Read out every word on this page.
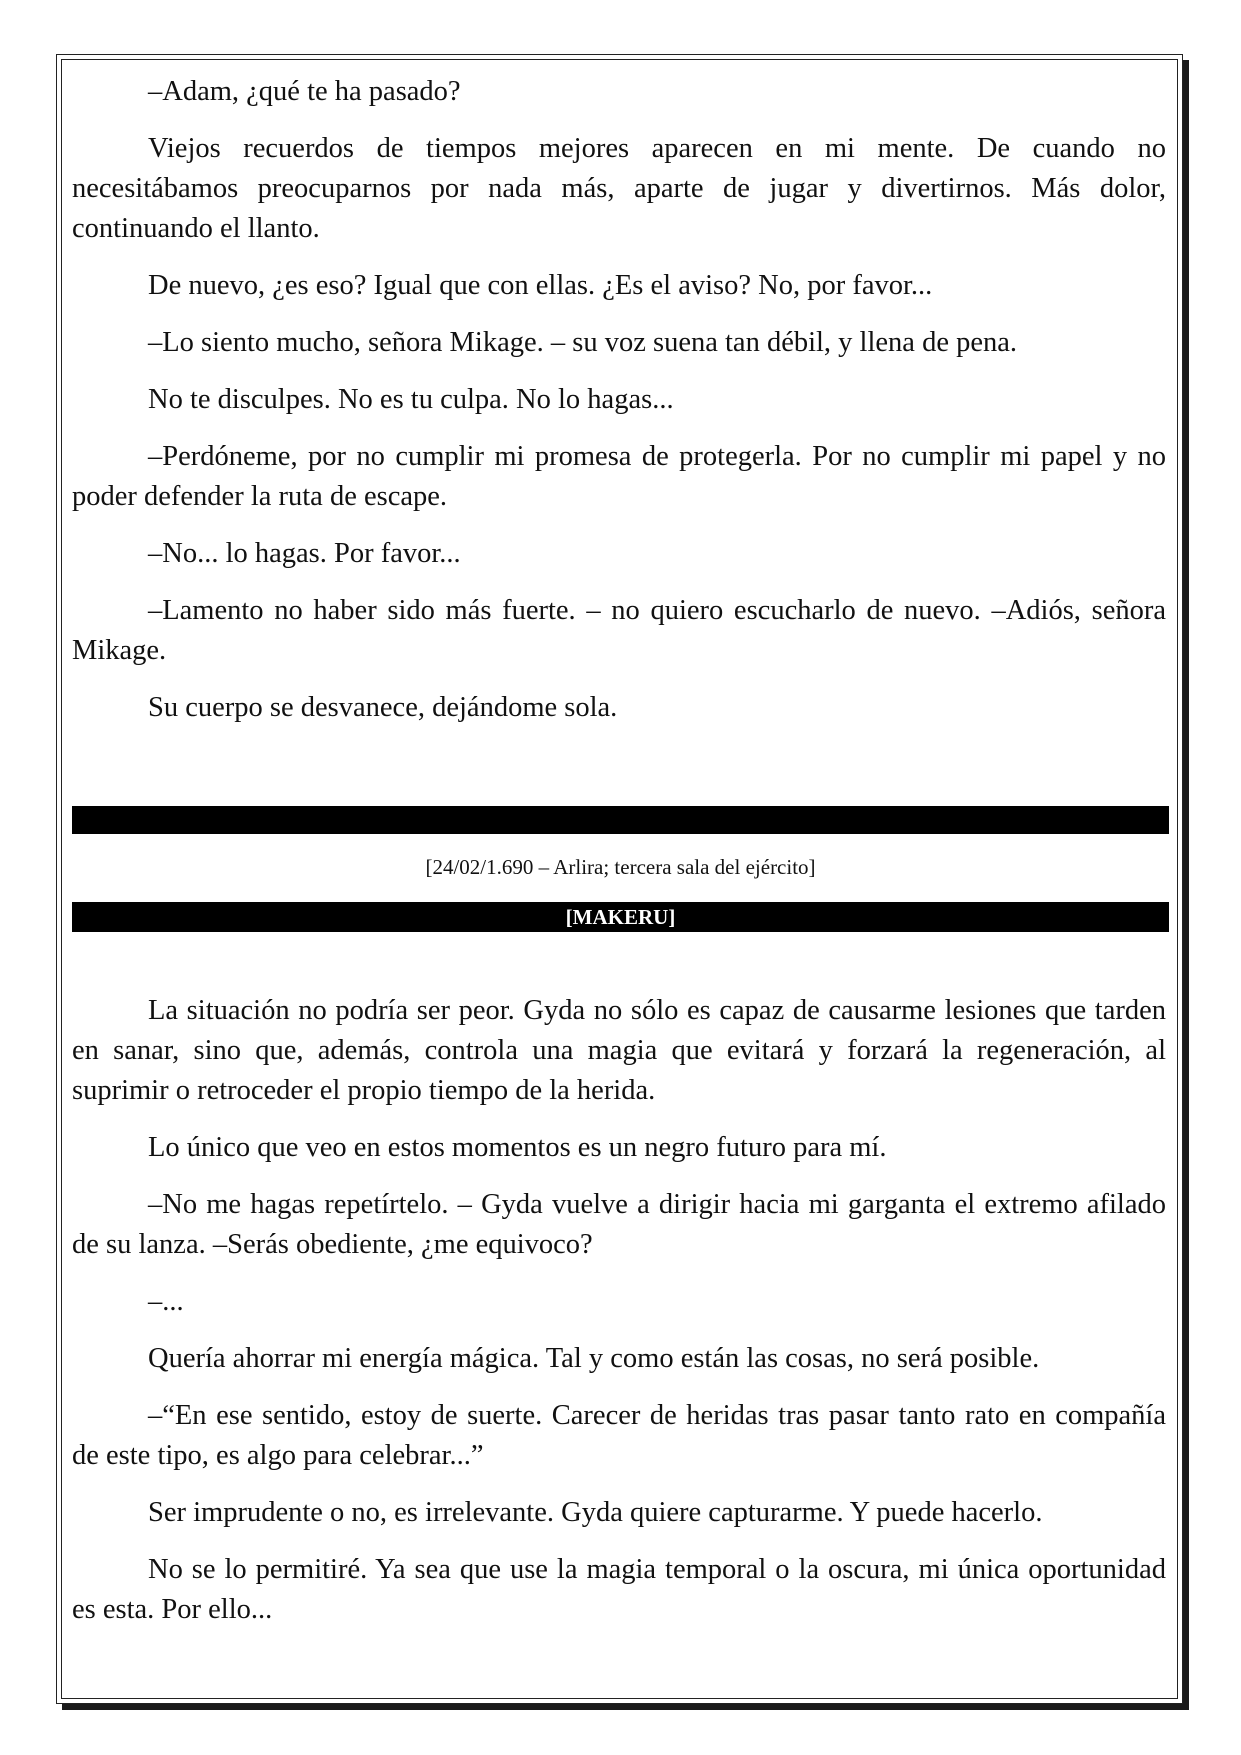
–Adam, ¿qué te ha pasado?

Viejos recuerdos de tiempos mejores aparecen en mi mente. De cuando no necesitábamos preocuparnos por nada más, aparte de jugar y divertirnos. Más dolor, continuando el llanto.

De nuevo, ¿es eso? Igual que con ellas. ¿Es el aviso? No, por favor...

–Lo siento mucho, señora Mikage. – su voz suena tan débil, y llena de pena.

No te disculpes. No es tu culpa. No lo hagas...

–Perdóneme, por no cumplir mi promesa de protegerla. Por no cumplir mi papel y no poder defender la ruta de escape.

–No... lo hagas. Por favor...

–Lamento no haber sido más fuerte. – no quiero escucharlo de nuevo. –Adiós, señora Mikage.

Su cuerpo se desvanece, dejándome sola.

[24/02/1.690 – Arlira; tercera sala del ejército]
[MAKERU]

La situación no podría ser peor. Gyda no sólo es capaz de causarme lesiones que tarden en sanar, sino que, además, controla una magia que evitará y forzará la regeneración, al suprimir o retroceder el propio tiempo de la herida.

Lo único que veo en estos momentos es un negro futuro para mí.

–No me hagas repetírtelo. – Gyda vuelve a dirigir hacia mi garganta el extremo afilado de su lanza. –Serás obediente, ¿me equivoco?

–...

Quería ahorrar mi energía mágica. Tal y como están las cosas, no será posible.

–“En ese sentido, estoy de suerte. Carecer de heridas tras pasar tanto rato en compañía de este tipo, es algo para celebrar...”

Ser imprudente o no, es irrelevante. Gyda quiere capturarme. Y puede hacerlo.

No se lo permitiré. Ya sea que use la magia temporal o la oscura, mi única oportunidad es esta. Por ello...
